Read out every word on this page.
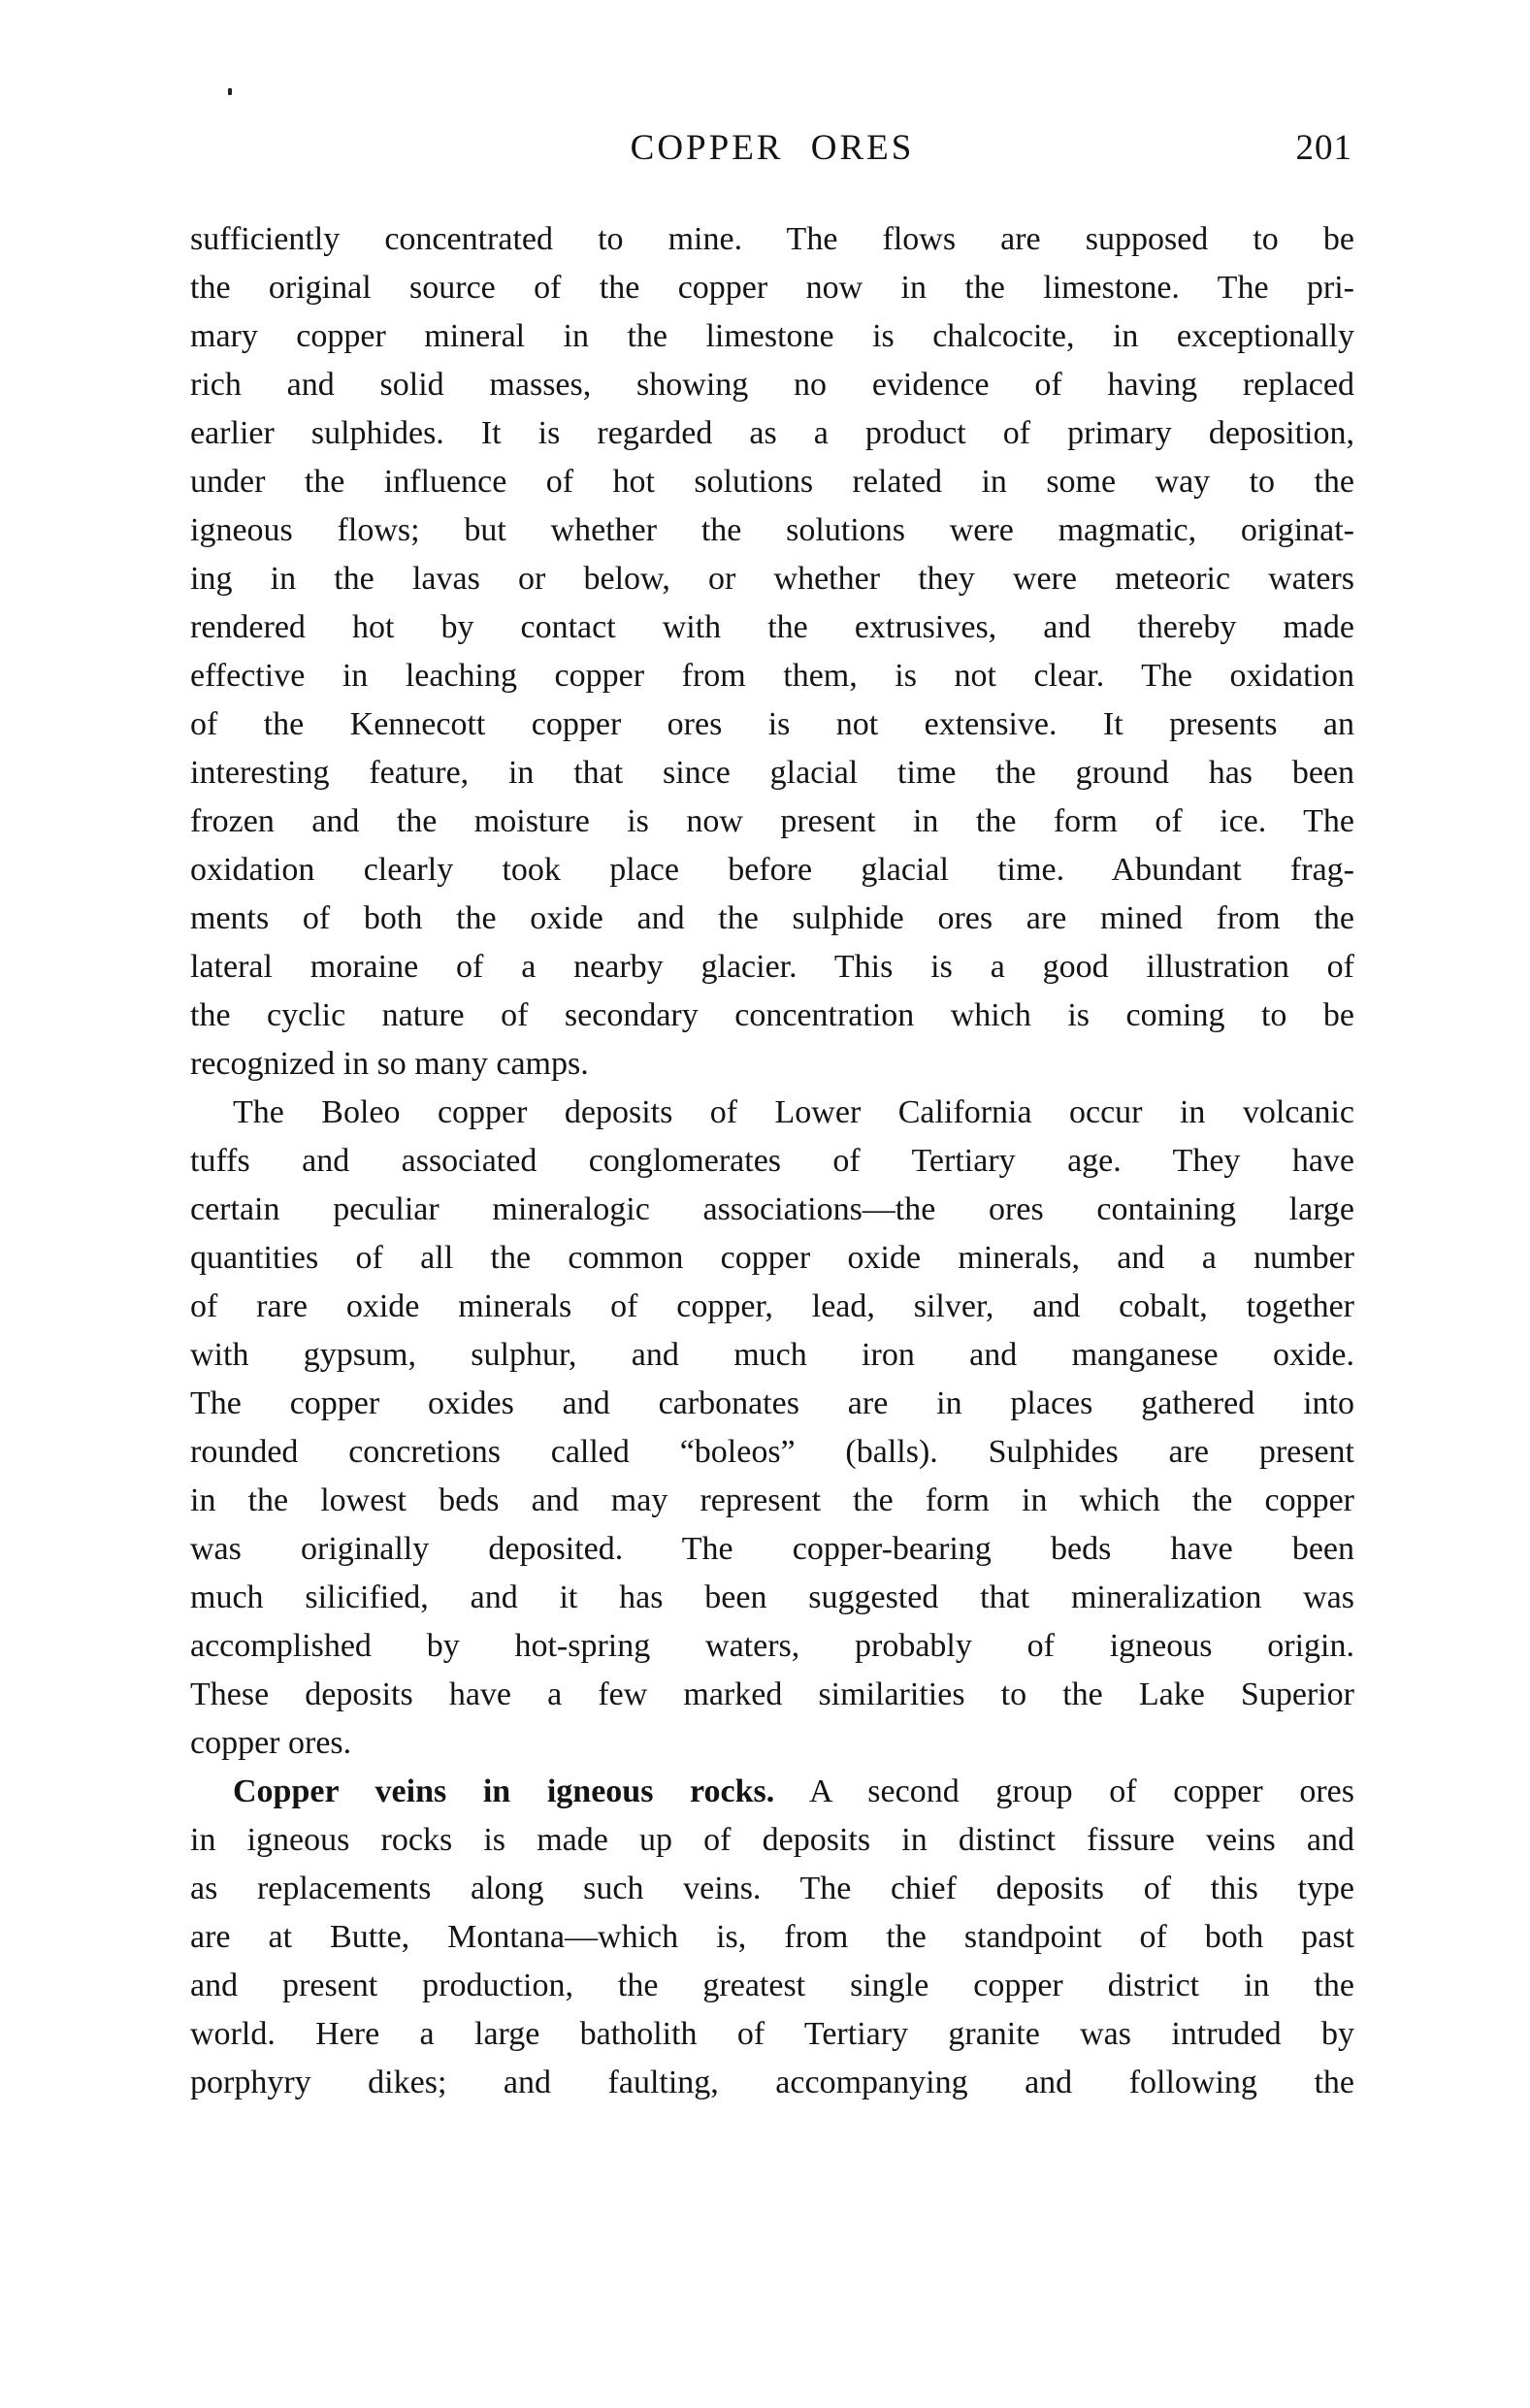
COPPER ORES	201
sufficiently concentrated to mine. The flows are supposed to be
the original source of the copper now in the limestone. The pri-
mary copper mineral in the limestone is chalcocite, in exceptionally
rich and solid masses, showing no evidence of having replaced
earlier sulphides. It is regarded as a product of primary deposition,
under the influence of hot solutions related in some way to the
igneous flows; but whether the solutions were magmatic, originat-
ing in the lavas or below, or whether they were meteoric waters
rendered hot by contact with the extrusives, and thereby made
effective in leaching copper from them, is not clear. The oxidation
of the Kennecott copper ores is not extensive. It presents an
interesting feature, in that since glacial time the ground has been
frozen and the moisture is now present in the form of ice. The
oxidation clearly took place before glacial time. Abundant frag-
ments of both the oxide and the sulphide ores are mined from the
lateral moraine of a nearby glacier. This is a good illustration of
the cyclic nature of secondary concentration which is coming to be
recognized in so many camps.
The Boleo copper deposits of Lower California occur in volcanic
tuffs and associated conglomerates of Tertiary age. They have
certain peculiar mineralogic associations—the ores containing large
quantities of all the common copper oxide minerals, and a number
of rare oxide minerals of copper, lead, silver, and cobalt, together
with gypsum, sulphur, and much iron and manganese oxide.
The copper oxides and carbonates are in places gathered into
rounded concretions called “boleos” (balls). Sulphides are present
in the lowest beds and may represent the form in which the copper
was originally deposited. The copper-bearing beds have been
much silicified, and it has been suggested that mineralization was
accomplished by hot-spring waters, probably of igneous origin.
These deposits have a few marked similarities to the Lake Superior
copper ores.
Copper veins in igneous rocks. A second group of copper ores
in igneous rocks is made up of deposits in distinct fissure veins and
as replacements along such veins. The chief deposits of this type
are at Butte, Montana—which is, from the standpoint of both past
and present production, the greatest single copper district in the
world. Here a large batholith of Tertiary granite was intruded by
porphyry dikes; and faulting, accompanying and following the
